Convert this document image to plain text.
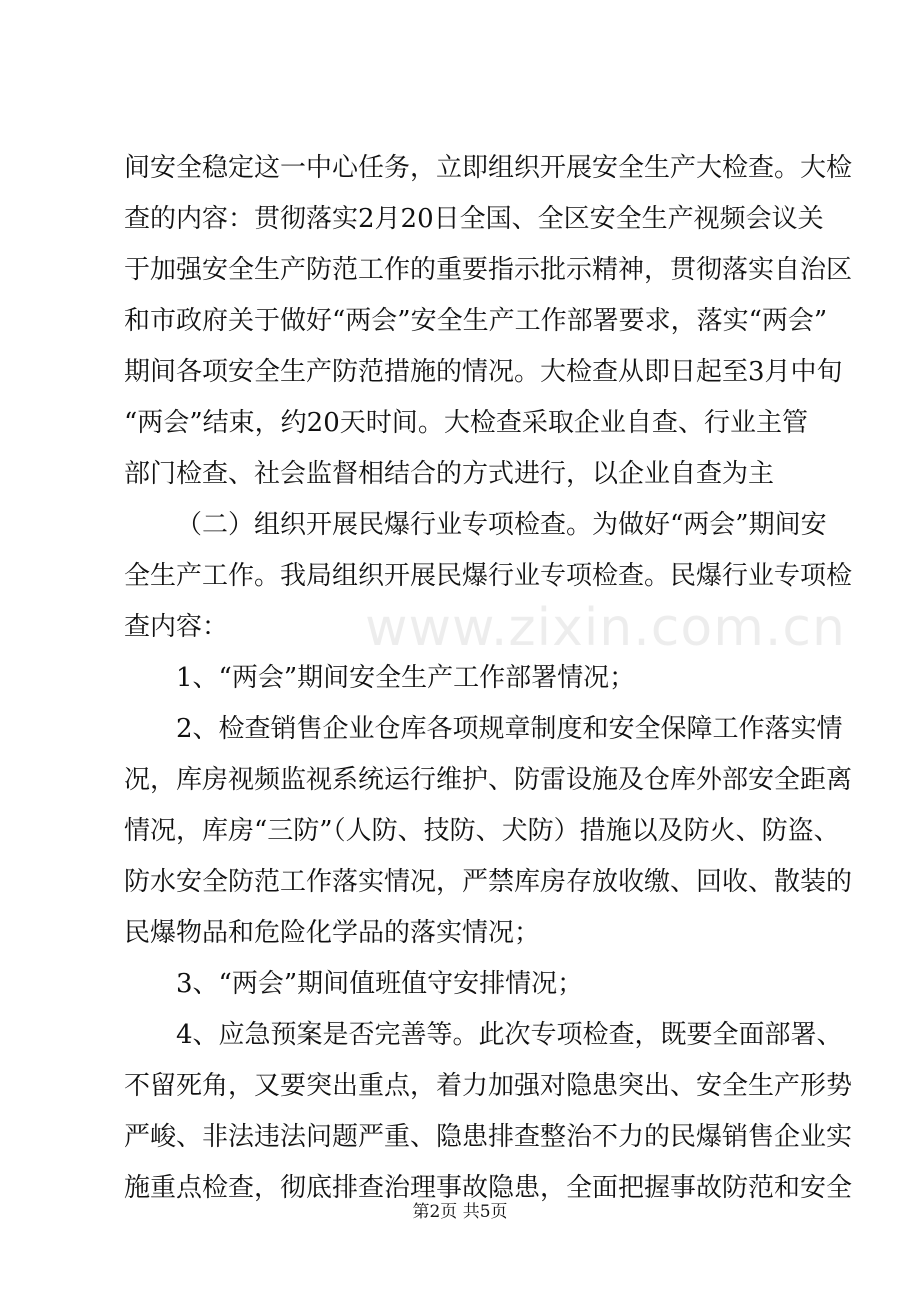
间安全稳定这一中心任务，立即组织开展安全生产大检查。大检
查的内容：贯彻落实2月20日全国、全区安全生产视频会议关
于加强安全生产防范工作的重要指示批示精神，贯彻落实自治区
和市政府关于做好“两会”安全生产工作部署要求，落实“两会”
期间各项安全生产防范措施的情况。大检查从即日起至3月中旬
“两会”结束，约20天时间。大检查采取企业自查、行业主管
部门检查、社会监督相结合的方式进行，以企业自查为主
（二）组织开展民爆行业专项检查。为做好“两会”期间安
全生产工作。我局组织开展民爆行业专项检查。民爆行业专项检
查内容：
1、“两会”期间安全生产工作部署情况；
2、检查销售企业仓库各项规章制度和安全保障工作落实情
况，库房视频监视系统运行维护、防雷设施及仓库外部安全距离
情况，库房“三防”（人防、技防、犬防）措施以及防火、防盗、
防水安全防范工作落实情况，严禁库房存放收缴、回收、散装的
民爆物品和危险化学品的落实情况；
3、“两会”期间值班值守安排情况；
4、应急预案是否完善等。此次专项检查，既要全面部署、
不留死角，又要突出重点，着力加强对隐患突出、安全生产形势
严峻、非法违法问题严重、隐患排查整治不力的民爆销售企业实
施重点检查，彻底排查治理事故隐患，全面把握事故防范和安全
www.zixin.com.cn
第2页 共5页
